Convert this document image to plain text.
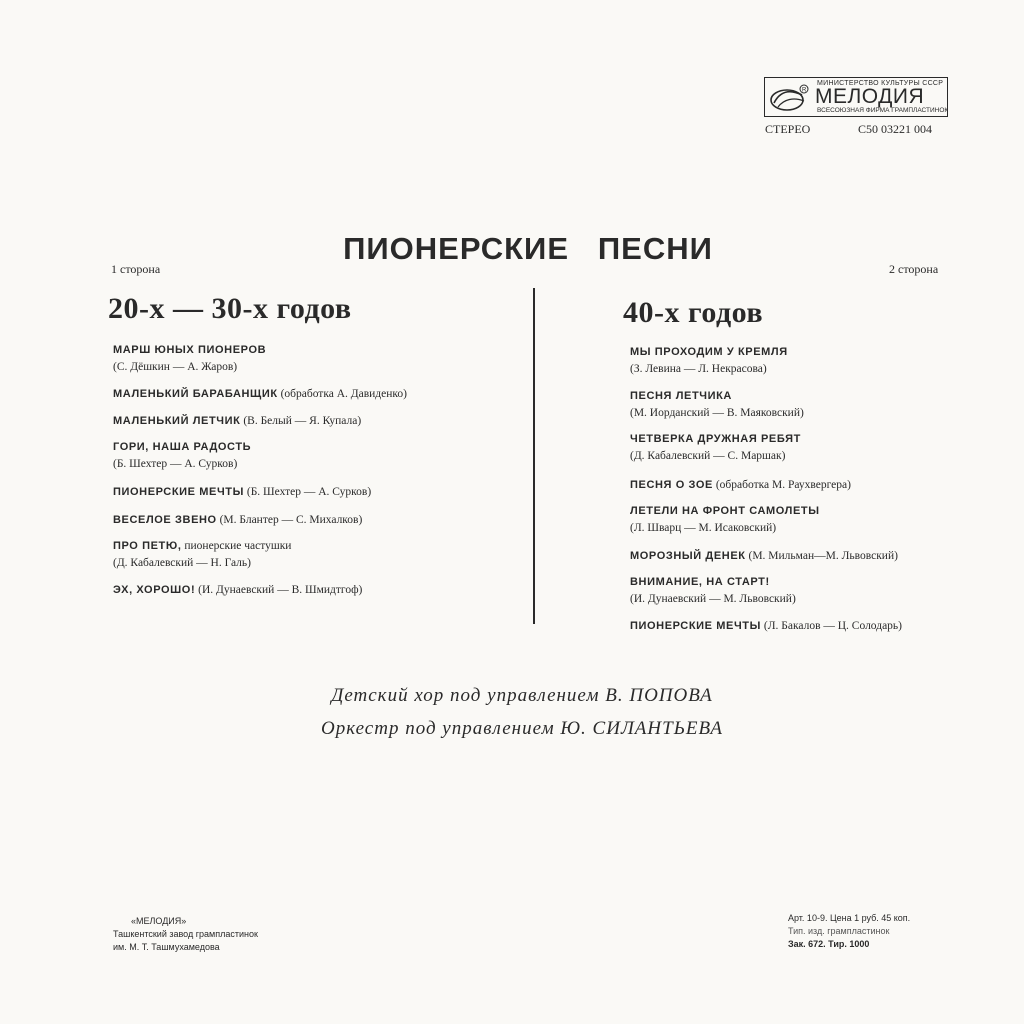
R
МИНИСТЕРСТВО КУЛЬТУРЫ СССР
МЕЛОДИЯ
ВСЕСОЮЗНАЯ ФИРМА ГРАМПЛАСТИНОК
СТЕРЕО	С50 03221 004
ПИОНЕРСКИЕ   ПЕСНИ
1 сторона	2 сторона
20-х — 30-х годов	40-х годов
МАРШ ЮНЫХ ПИОНЕРОВ
(С. Дёшкин — А. Жаров)
МАЛЕНЬКИЙ БАРАБАНЩИК (обработка А. Давиденко)
МАЛЕНЬКИЙ ЛЕТЧИК (В. Белый — Я. Купала)
ГОРИ, НАША РАДОСТЬ
(Б. Шехтер — А. Сурков)
ПИОНЕРСКИЕ МЕЧТЫ (Б. Шехтер — А. Сурков)
ВЕСЕЛОЕ ЗВЕНО (М. Блантер — С. Михалков)
ПРО ПЕТЮ, пионерские частушки
(Д. Кабалевский — Н. Галь)
ЭХ, ХОРОШО! (И. Дунаевский — В. Шмидтгоф)
МЫ ПРОХОДИМ У КРЕМЛЯ
(З. Левина — Л. Некрасова)
ПЕСНЯ ЛЕТЧИКА
(М. Иорданский — В. Маяковский)
ЧЕТВЕРКА ДРУЖНАЯ РЕБЯТ
(Д. Кабалевский — С. Маршак)
ПЕСНЯ О ЗОЕ (обработка М. Раухвергера)
ЛЕТЕЛИ НА ФРОНТ САМОЛЕТЫ
(Л. Шварц — М. Исаковский)
МОРОЗНЫЙ ДЕНЕК (М. Мильман—М. Львовский)
ВНИМАНИЕ, НА СТАРТ!
(И. Дунаевский — М. Львовский)
ПИОНЕРСКИЕ МЕЧТЫ (Л. Бакалов — Ц. Солодарь)
Детский хор под управлением В. ПОПОВА
Оркестр под управлением Ю. СИЛАНТЬЕВА
«МЕЛОДИЯ»
Ташкентский завод грампластинок
им. М. Т. Ташмухамедова
Арт. 10-9. Цена 1 руб. 45 коп.
Тип. изд. грампластинок
Зак. 672. Тир. 1000
